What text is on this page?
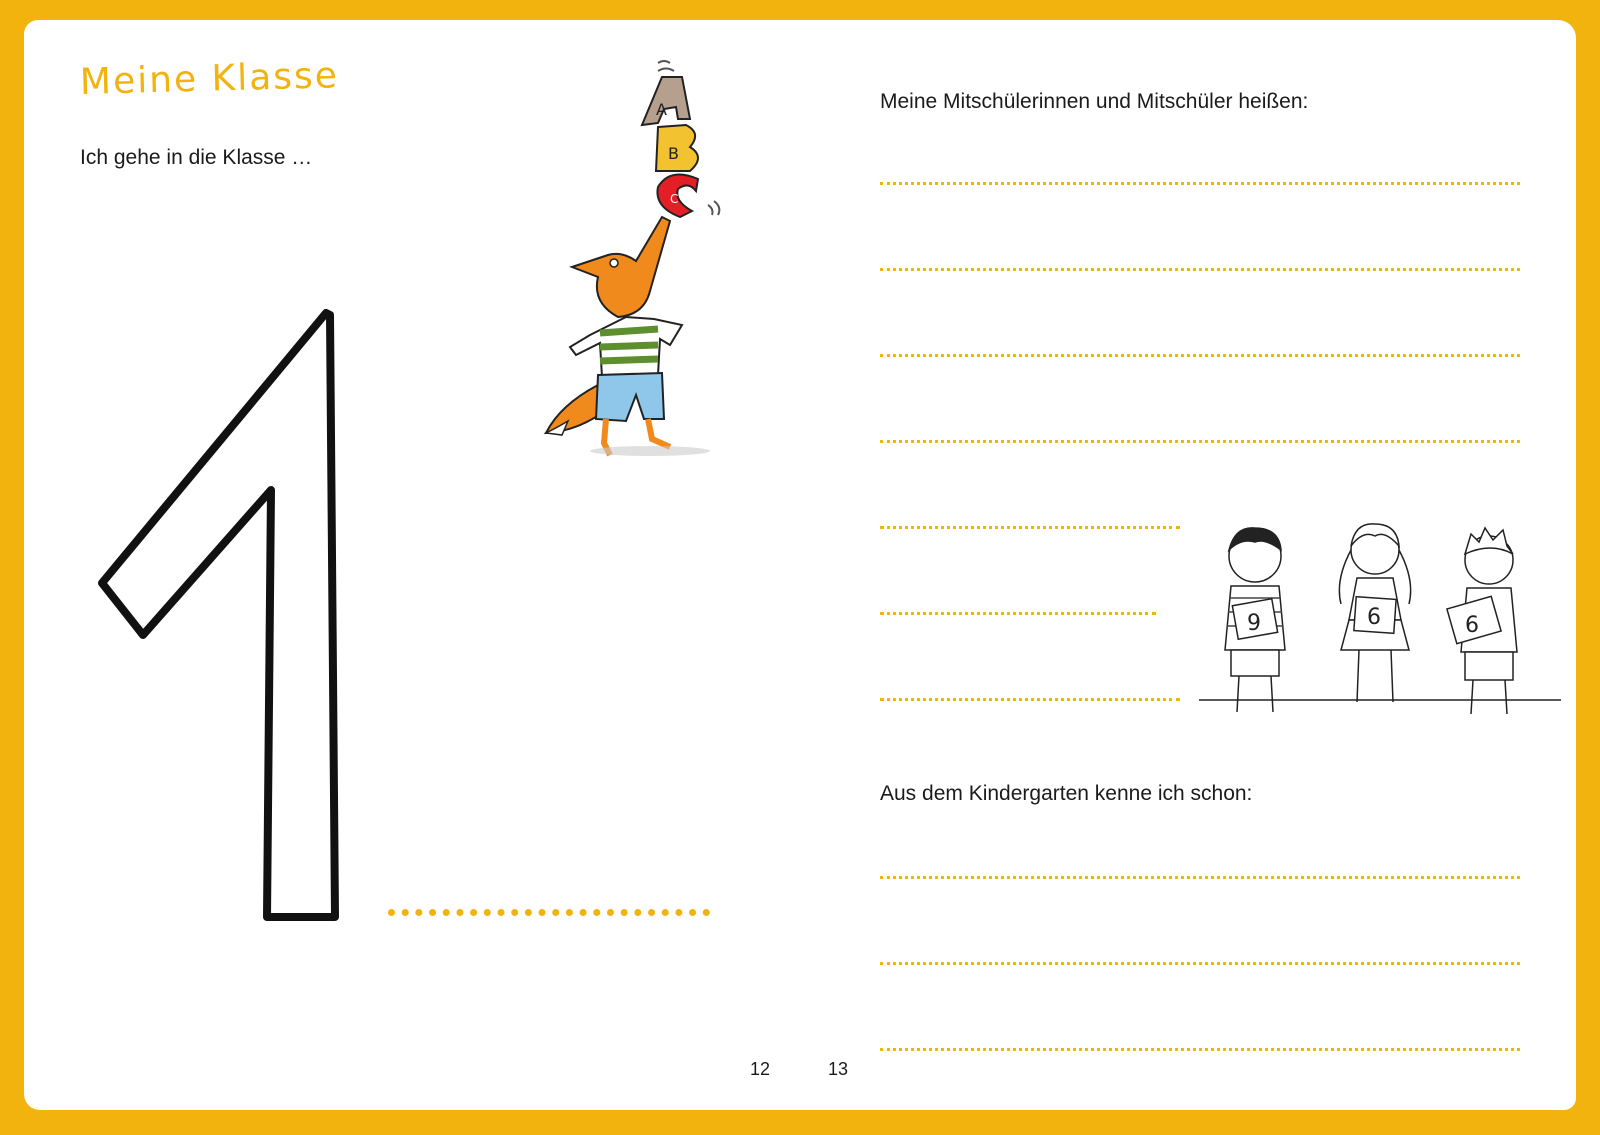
Meine Klasse

Ich gehe in die Klasse …

A
B
C
12

Meine Mitschülerinnen und Mitschüler heißen:

9	6	6

Aus dem Kindergarten kenne ich schon:

13
